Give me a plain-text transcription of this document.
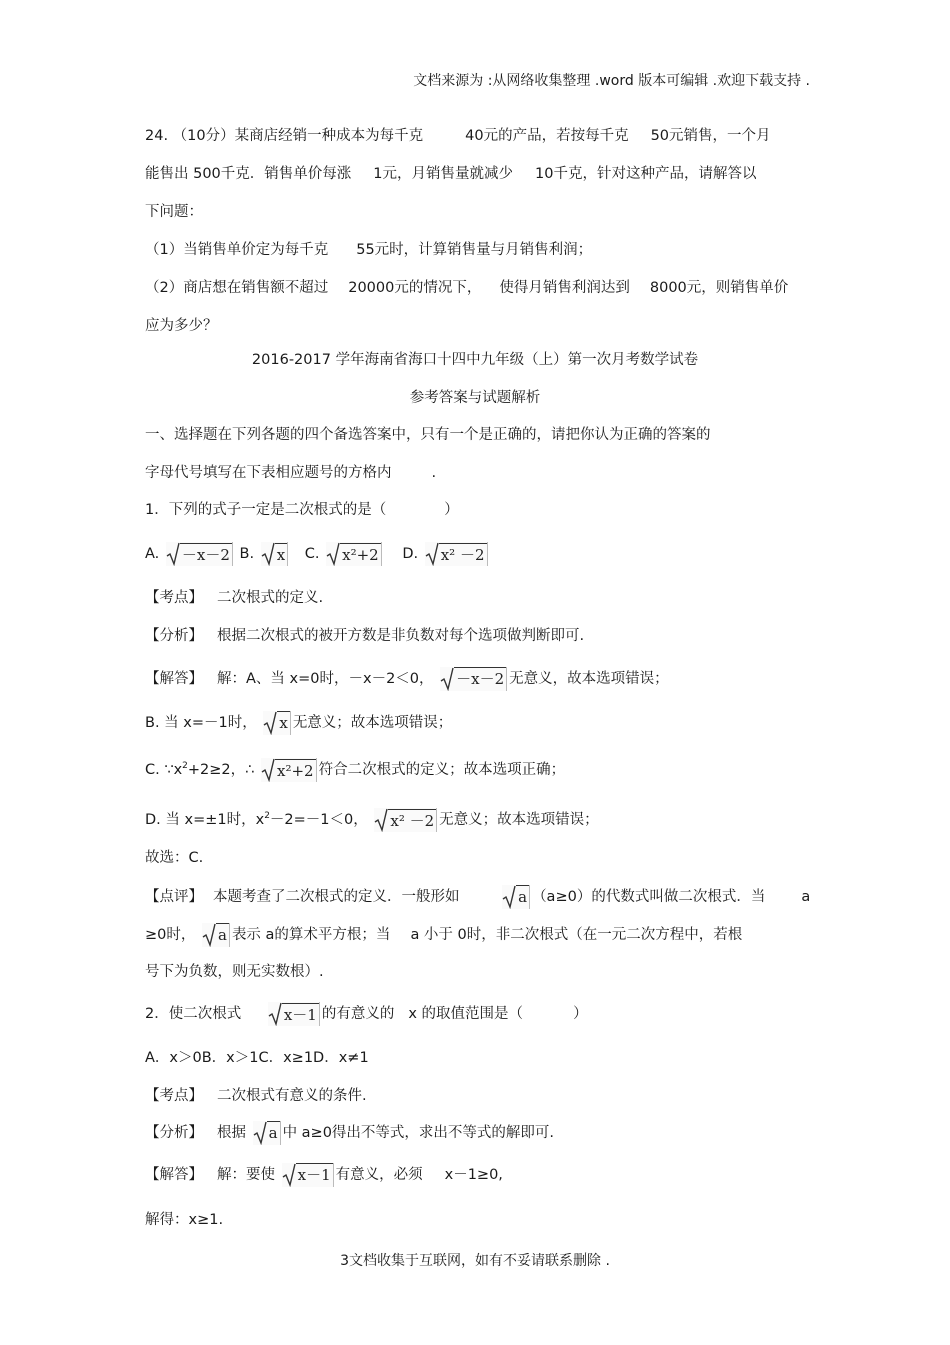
文档来源为 :从网络收集整理 .word 版本可编辑 .欢迎下载支持 .
24. （10分）某商店经销一种成本为每千克	40元的产品，若按每千克 50元销售，一个月
能售出 500千克．销售单价每涨 1元，月销售量就减少 10千克，针对这种产品，请解答以
下问题：
（1）当销售单价定为每千克 55元时，计算销售量与月销售利润；
（2）商店想在销售额不超过 20000元的情况下， 使得月销售利润达到 8000元，则销售单价
应为多少？
2016-2017 学年海南省海口十四中九年级（上）第一次月考数学试卷
参考答案与试题解析
一、选择题在下列各题的四个备选答案中，只有一个是正确的，请把你认为正确的答案的
字母代号填写在下表相应题号的方格内	.
1．下列的式子一定是二次根式的是（	）
A. －x－2 B. x C. x²+2 D. x² －2
【考点】 二次根式的定义.
【分析】 根据二次根式的被开方数是非负数对每个选项做判断即可.
【解答】 解：A、当 x=0时，－x－2＜0， －x－2 无意义，故本选项错误；
B. 当 x=－1时， x 无意义；故本选项错误；
C. $\because x^2+2\ge 2$，∴ x²+2 符合二次根式的定义；故本选项正确；
D. 当 x=±1时，$x^2-2=-1<0$， x² －2 无意义；故本选项错误；
故选：C.
【点评】 本题考查了二次根式的定义．一般形如	a （a≥0）的代数式叫做二次根式．当 a
≥0时， a 表示 a的算术平方根；当 a 小于 0时，非二次根式（在一元二次方程中，若根
号下为负数，则无实数根）.
2．使二次根式	x－1 的有意义的 x 的取值范围是（	）
A．x＞0B．x＞1C．x≥1D．x≠1
【考点】 二次根式有意义的条件.
【分析】 根据 a 中 a≥0得出不等式，求出不等式的解即可.
【解答】 解：要使 x－1 有意义，必须 x－1≥0,
解得：x≥1.
3文档收集于互联网，如有不妥请联系删除 .
